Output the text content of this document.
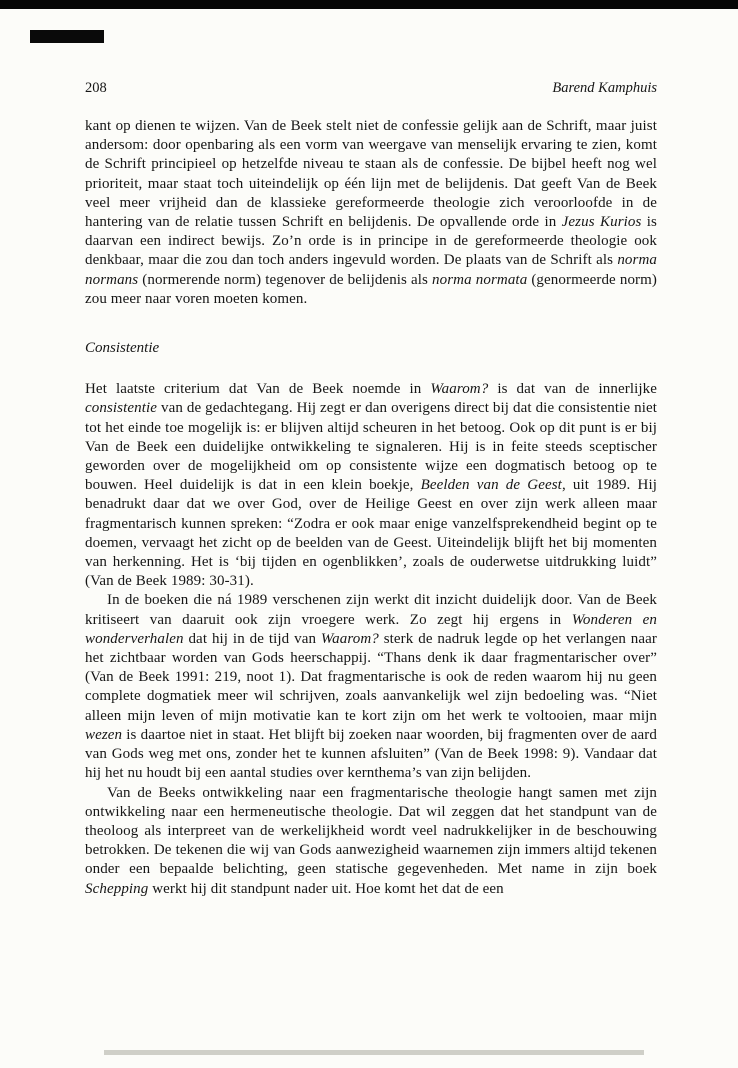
208	Barend Kamphuis

kant op dienen te wijzen. Van de Beek stelt niet de confessie gelijk aan de Schrift, maar juist andersom: door openbaring als een vorm van weergave van menselijk ervaring te zien, komt de Schrift principieel op hetzelfde niveau te staan als de confessie. De bijbel heeft nog wel prioriteit, maar staat toch uiteindelijk op één lijn met de belijdenis. Dat geeft Van de Beek veel meer vrijheid dan de klassieke gereformeerde theologie zich veroorloofde in de hantering van de relatie tussen Schrift en belijdenis. De opvallende orde in Jezus Kurios is daarvan een indirect bewijs. Zo’n orde is in principe in de gereformeerde theologie ook denkbaar, maar die zou dan toch anders ingevuld worden. De plaats van de Schrift als norma normans (normerende norm) tegenover de belijdenis als norma normata (genormeerde norm) zou meer naar voren moeten komen.

Consistentie

Het laatste criterium dat Van de Beek noemde in Waarom? is dat van de innerlijke consistentie van de gedachtegang. Hij zegt er dan overigens direct bij dat die consistentie niet tot het einde toe mogelijk is: er blijven altijd scheuren in het betoog. Ook op dit punt is er bij Van de Beek een duidelijke ontwikkeling te signaleren. Hij is in feite steeds sceptischer geworden over de mogelijkheid om op consistente wijze een dogmatisch betoog op te bouwen. Heel duidelijk is dat in een klein boekje, Beelden van de Geest, uit 1989. Hij benadrukt daar dat we over God, over de Heilige Geest en over zijn werk alleen maar fragmentarisch kunnen spreken: “Zodra er ook maar enige vanzelfsprekendheid begint op te doemen, vervaagt het zicht op de beelden van de Geest. Uiteindelijk blijft het bij momenten van herkenning. Het is ‘bij tijden en ogenblikken’, zoals de ouderwetse uitdrukking luidt” (Van de Beek 1989: 30-31).

In de boeken die ná 1989 verschenen zijn werkt dit inzicht duidelijk door. Van de Beek kritiseert van daaruit ook zijn vroegere werk. Zo zegt hij ergens in Wonderen en wonderverhalen dat hij in de tijd van Waarom? sterk de nadruk legde op het verlangen naar het zichtbaar worden van Gods heerschappij. “Thans denk ik daar fragmentarischer over” (Van de Beek 1991: 219, noot 1). Dat fragmentarische is ook de reden waarom hij nu geen complete dogmatiek meer wil schrijven, zoals aanvankelijk wel zijn bedoeling was. “Niet alleen mijn leven of mijn motivatie kan te kort zijn om het werk te voltooien, maar mijn wezen is daartoe niet in staat. Het blijft bij zoeken naar woorden, bij fragmenten over de aard van Gods weg met ons, zonder het te kunnen afsluiten” (Van de Beek 1998: 9). Vandaar dat hij het nu houdt bij een aantal studies over kernthema’s van zijn belijden.

Van de Beeks ontwikkeling naar een fragmentarische theologie hangt samen met zijn ontwikkeling naar een hermeneutische theologie. Dat wil zeggen dat het standpunt van de theoloog als interpreet van de werkelijkheid wordt veel nadrukkelijker in de beschouwing betrokken. De tekenen die wij van Gods aanwezigheid waarnemen zijn immers altijd tekenen onder een bepaalde belichting, geen statische gegevenheden. Met name in zijn boek Schepping werkt hij dit standpunt nader uit. Hoe komt het dat de een
